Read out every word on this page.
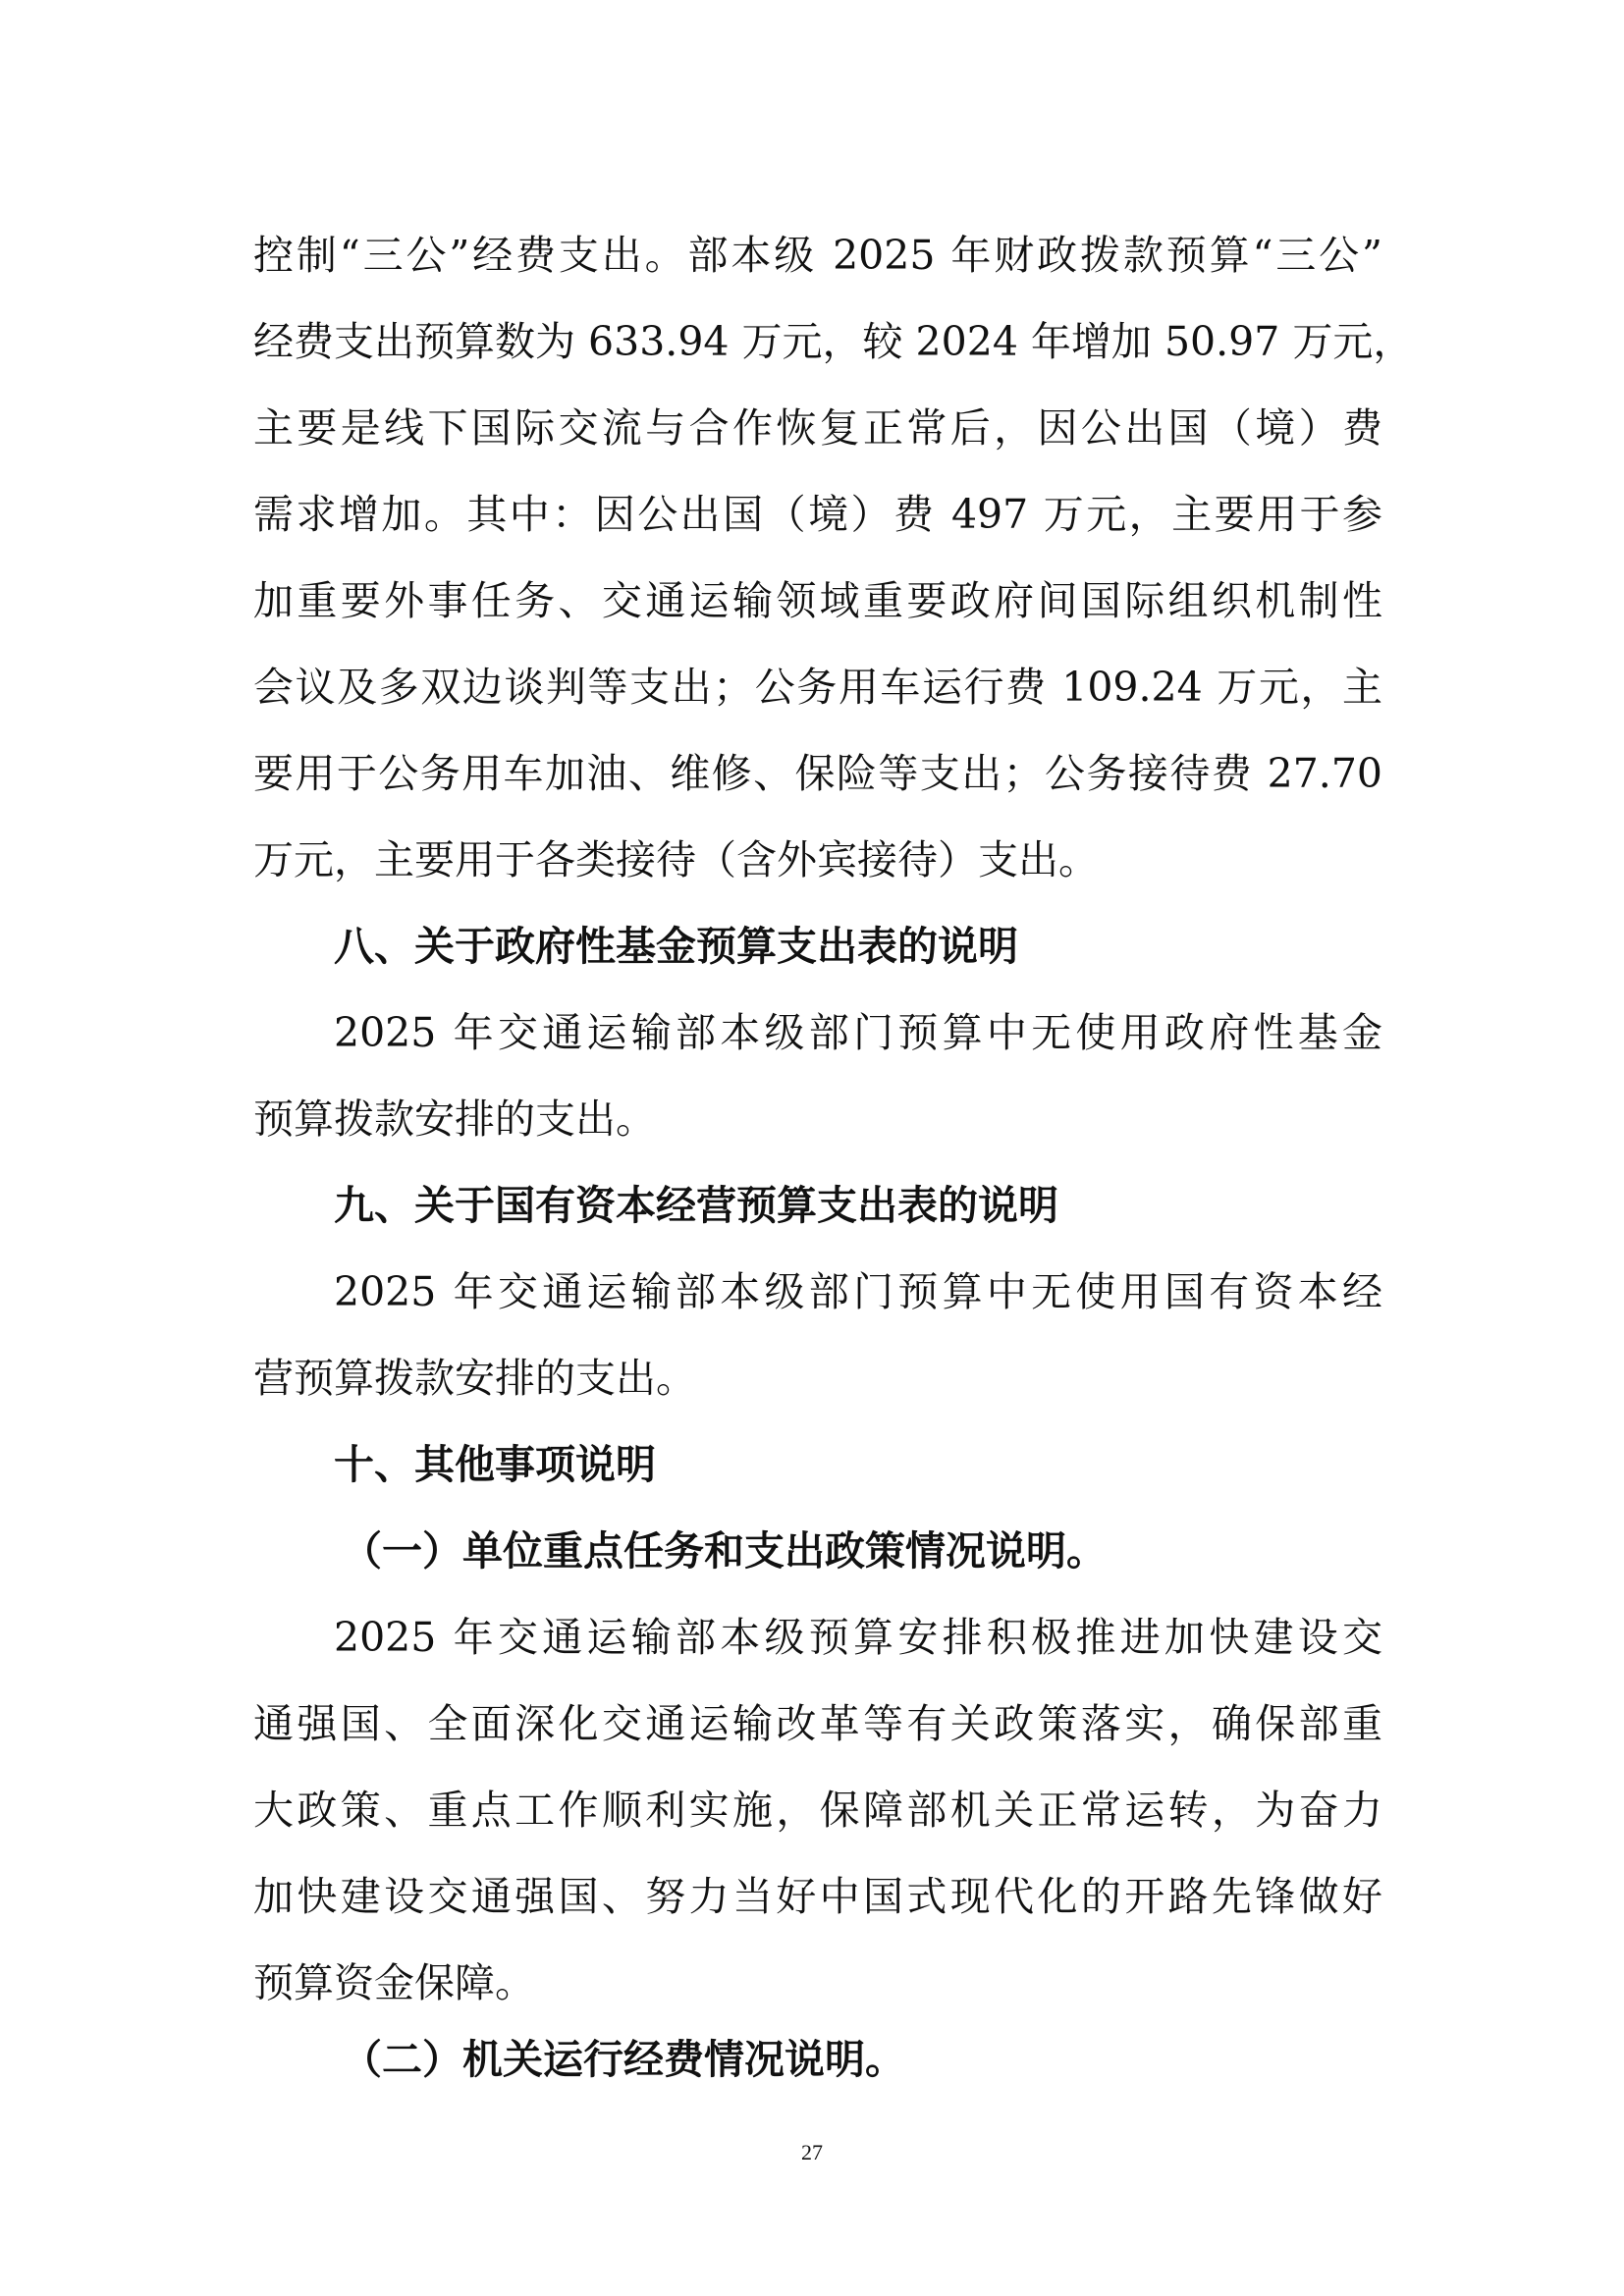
控制“三公”经费支出。部本级 2025 年财政拨款预算“三公”
经费支出预算数为 633.94 万元，较 2024 年增加 50.97 万元，
主要是线下国际交流与合作恢复正常后，因公出国（境）费
需求增加。其中：因公出国（境）费 497 万元，主要用于参
加重要外事任务、交通运输领域重要政府间国际组织机制性
会议及多双边谈判等支出；公务用车运行费 109.24 万元，主
要用于公务用车加油、维修、保险等支出；公务接待费 27.70
万元，主要用于各类接待（含外宾接待）支出。
八、关于政府性基金预算支出表的说明
2025 年交通运输部本级部门预算中无使用政府性基金
预算拨款安排的支出。
九、关于国有资本经营预算支出表的说明
2025 年交通运输部本级部门预算中无使用国有资本经
营预算拨款安排的支出。
十、其他事项说明
（一）单位重点任务和支出政策情况说明。
2025 年交通运输部本级预算安排积极推进加快建设交
通强国、全面深化交通运输改革等有关政策落实，确保部重
大政策、重点工作顺利实施，保障部机关正常运转，为奋力
加快建设交通强国、努力当好中国式现代化的开路先锋做好
预算资金保障。
（二）机关运行经费情况说明。
27
